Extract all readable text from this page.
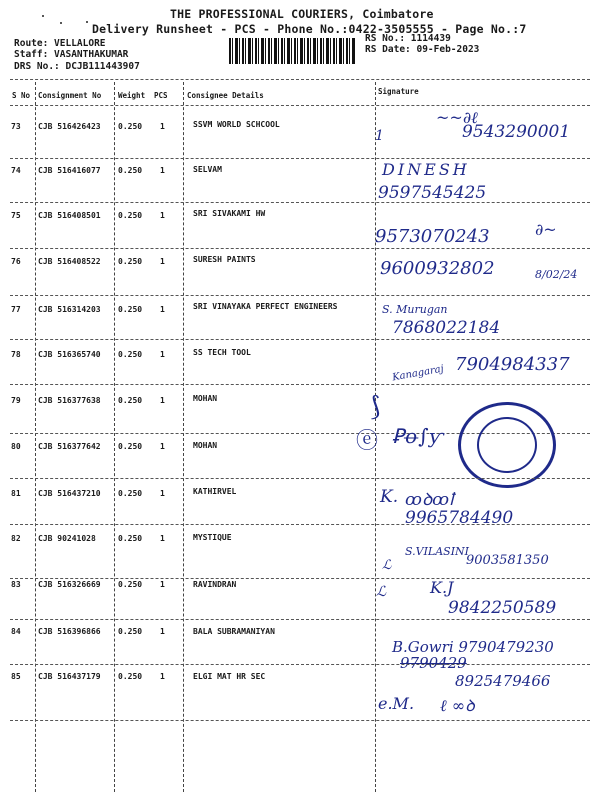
THE PROFESSIONAL COURIERS, Coimbatore
Delivery Runsheet - PCS - Phone No.:0422-3505555 - Page No.:7
Route: VELLALORE
Staff: VASANTHAKUMAR
DRS No.: DCJB111443907
RS No.: 1114439
RS Date: 09-Feb-2023
S No Consignment No Weight PCS	Consignee Details	Signature
73 CJB 516426423 0.250 1	SSVM WORLD SCHCOOL
1
~~∂ℓ
9543290001
74 CJB 516416077 0.250 1	SELVAM	DINESH
9597545425
75 CJB 516408501 0.250 1	SRI SIVAKAMI HW
9573070243	∂~
76 CJB 516408522 0.250 1	SURESH PAINTS	9600932802	8/02/24
77 CJB 516314203 0.250 1	SRI VINAYAKA PERFECT ENGINEERS	S. Murugan
7868022184
78 CJB 516365740 0.250 1	SS TECH TOOL
Kanagaraj 7904984337
79 CJB 516377638 0.250 1	MOHAN	⟆
80 CJB 516377642 0.250 1	MOHAN	ⓔ Ꝑꝋ∫ƴ
81 CJB 516437210 0.250 1	KATHIRVEL	K. ꝏꝺꝏꝉ
9965784490
82 CJB 90241028	0.250 1	MYSTIQUE
S.VILASINI
9003581350
ℒ
83 CJB 516326669 0.250 1	RAVINDRAN	K.J
ℒ
9842250589
84 CJB 516396866 0.250 1	BALA SUBRAMANIYAN
B.Gowri 9790479230
9790429
85 CJB 516437179 0.250 1	ELGI MAT HR SEC	8925479466
e.M. ℓ ∞ꝺ
